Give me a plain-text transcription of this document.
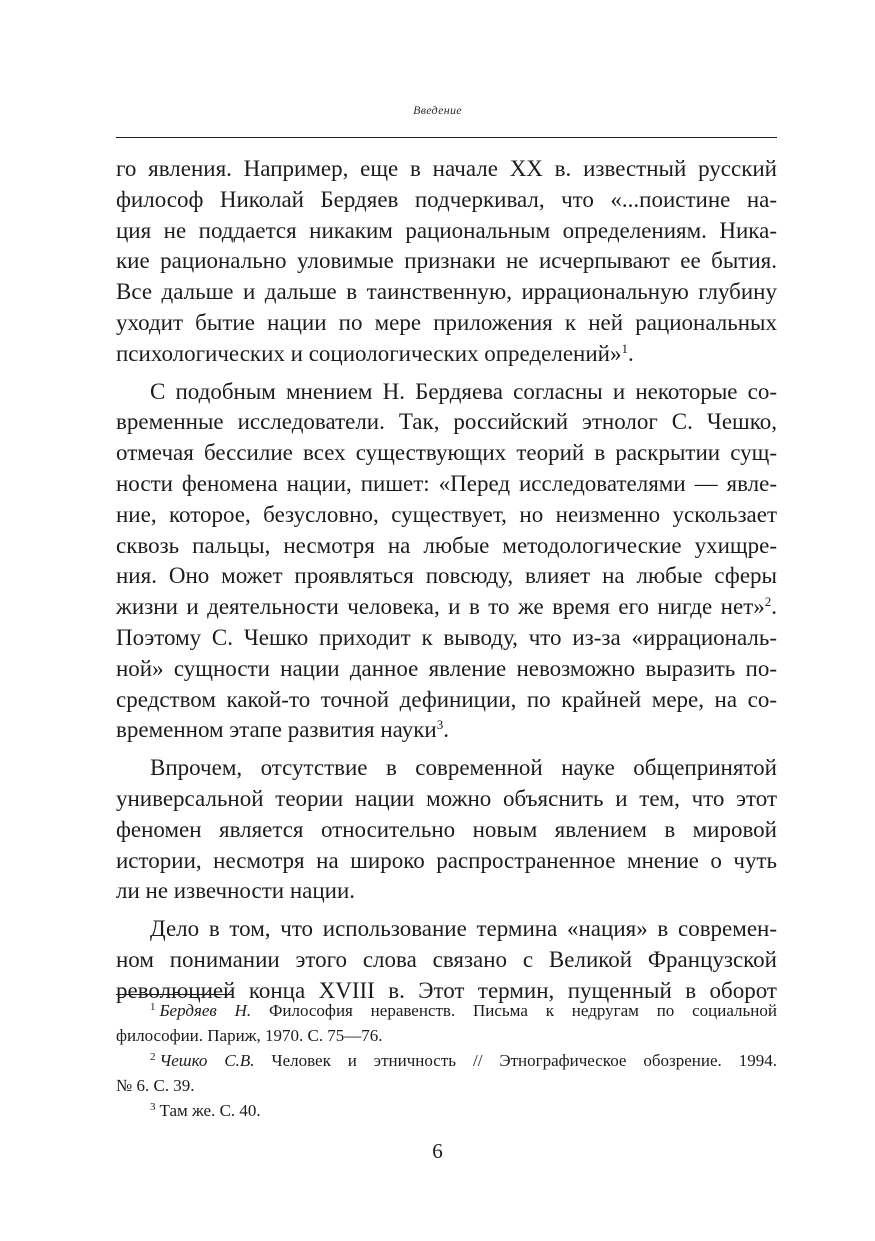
Введение
го явления. Например, еще в начале XX в. известный русский
философ Николай Бердяев подчеркивал, что «...поистине на-
ция не поддается никаким рациональным определениям. Ника-
кие рационально уловимые признаки не исчерпывают ее бытия.
Все дальше и дальше в таинственную, иррациональную глубину
уходит бытие нации по мере приложения к ней рациональных
психологических и социологических определений»$^1$.
С подобным мнением Н. Бердяева согласны и некоторые со-
временные исследователи. Так, российский этнолог С. Чешко,
отмечая бессилие всех существующих теорий в раскрытии сущ-
ности феномена нации, пишет: «Перед исследователями — явле-
ние, которое, безусловно, существует, но неизменно ускользает
сквозь пальцы, несмотря на любые методологические ухищре-
ния. Оно может проявляться повсюду, влияет на любые сферы
жизни и деятельности человека, и в то же время его нигде нет»$^2$.
Поэтому С. Чешко приходит к выводу, что из-за «иррациональ-
ной» сущности нации данное явление невозможно выразить по-
средством какой-то точной дефиниции, по крайней мере, на со-
временном этапе развития науки$^3$.
Впрочем, отсутствие в современной науке общепринятой
универсальной теории нации можно объяснить и тем, что этот
феномен является относительно новым явлением в мировой
истории, несмотря на широко распространенное мнение о чуть
ли не извечности нации.
Дело в том, что использование термина «нация» в современ-
ном понимании этого слова связано с Великой Французской
революцией конца XVIII в. Этот термин, пущенный в оборот
$^1$ Бердяев Н. Философия неравенств. Письма к недругам по социальной
философии. Париж, 1970. С. 75—76.
$^2$ Чешко С.В. Человек и этничность // Этнографическое обозрение. 1994.
№ 6. С. 39.
$^3$ Там же. С. 40.
6
